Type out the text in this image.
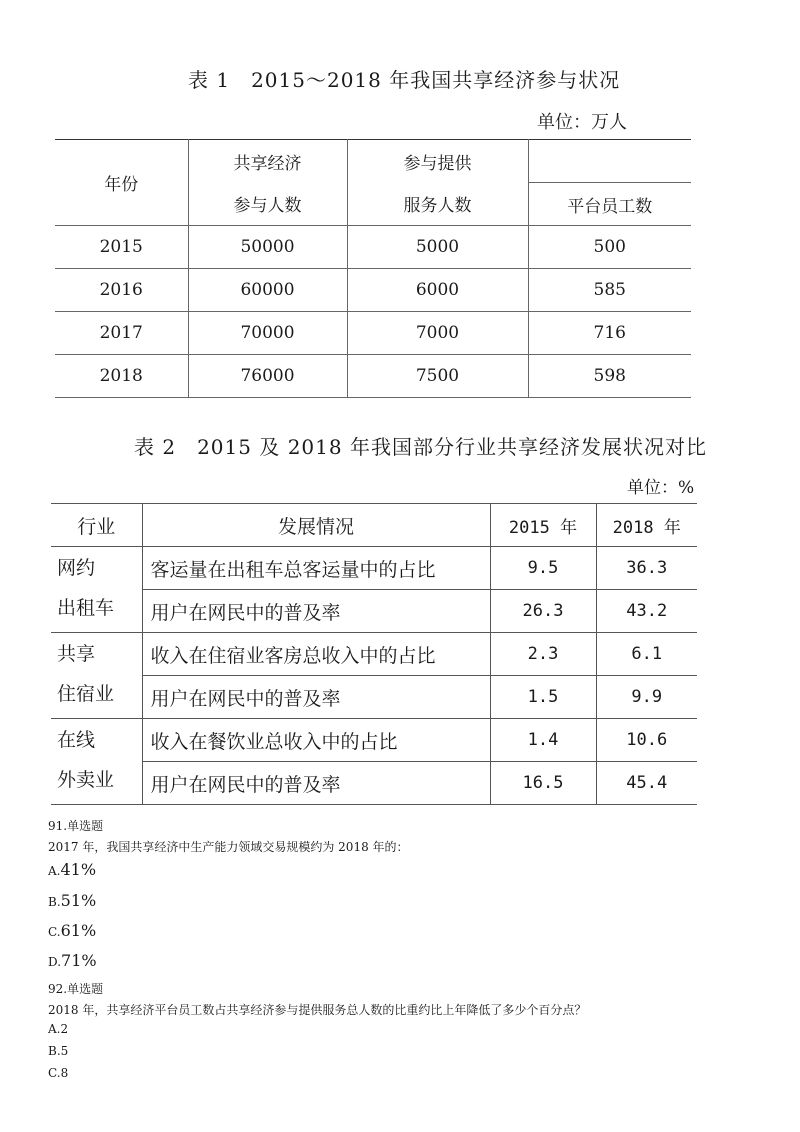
表 1　2015～2018 年我国共享经济参与状况
单位：万人
年份	共享经济	参与提供	
	参与人数	服务人数	平台员工数
2015	50000	5000	500
2016	60000	6000	585
2017	70000	7000	716
2018	76000	7500	598
表 2　2015 及 2018 年我国部分行业共享经济发展状况对比
单位：%
行业	发展情况	2015 年	2018 年

网约
出租车	客运量在出租车总客运量中的占比	9.5	36.3
	用户在网民中的普及率	26.3	43.2

共享
住宿业	收入在住宿业客房总收入中的占比	2.3	6.1
	用户在网民中的普及率	1.5	9.9

在线
外卖业	收入在餐饮业总收入中的占比	1.4	10.6
	用户在网民中的普及率	16.5	45.4
91.单选题
2017 年，我国共享经济中生产能力领域交易规模约为 2018 年的：
A.41%
B.51%
C.61%
D.71%
92.单选题
2018 年，共享经济平台员工数占共享经济参与提供服务总人数的比重约比上年降低了多少个百分点？
A.2
B.5
C.8
